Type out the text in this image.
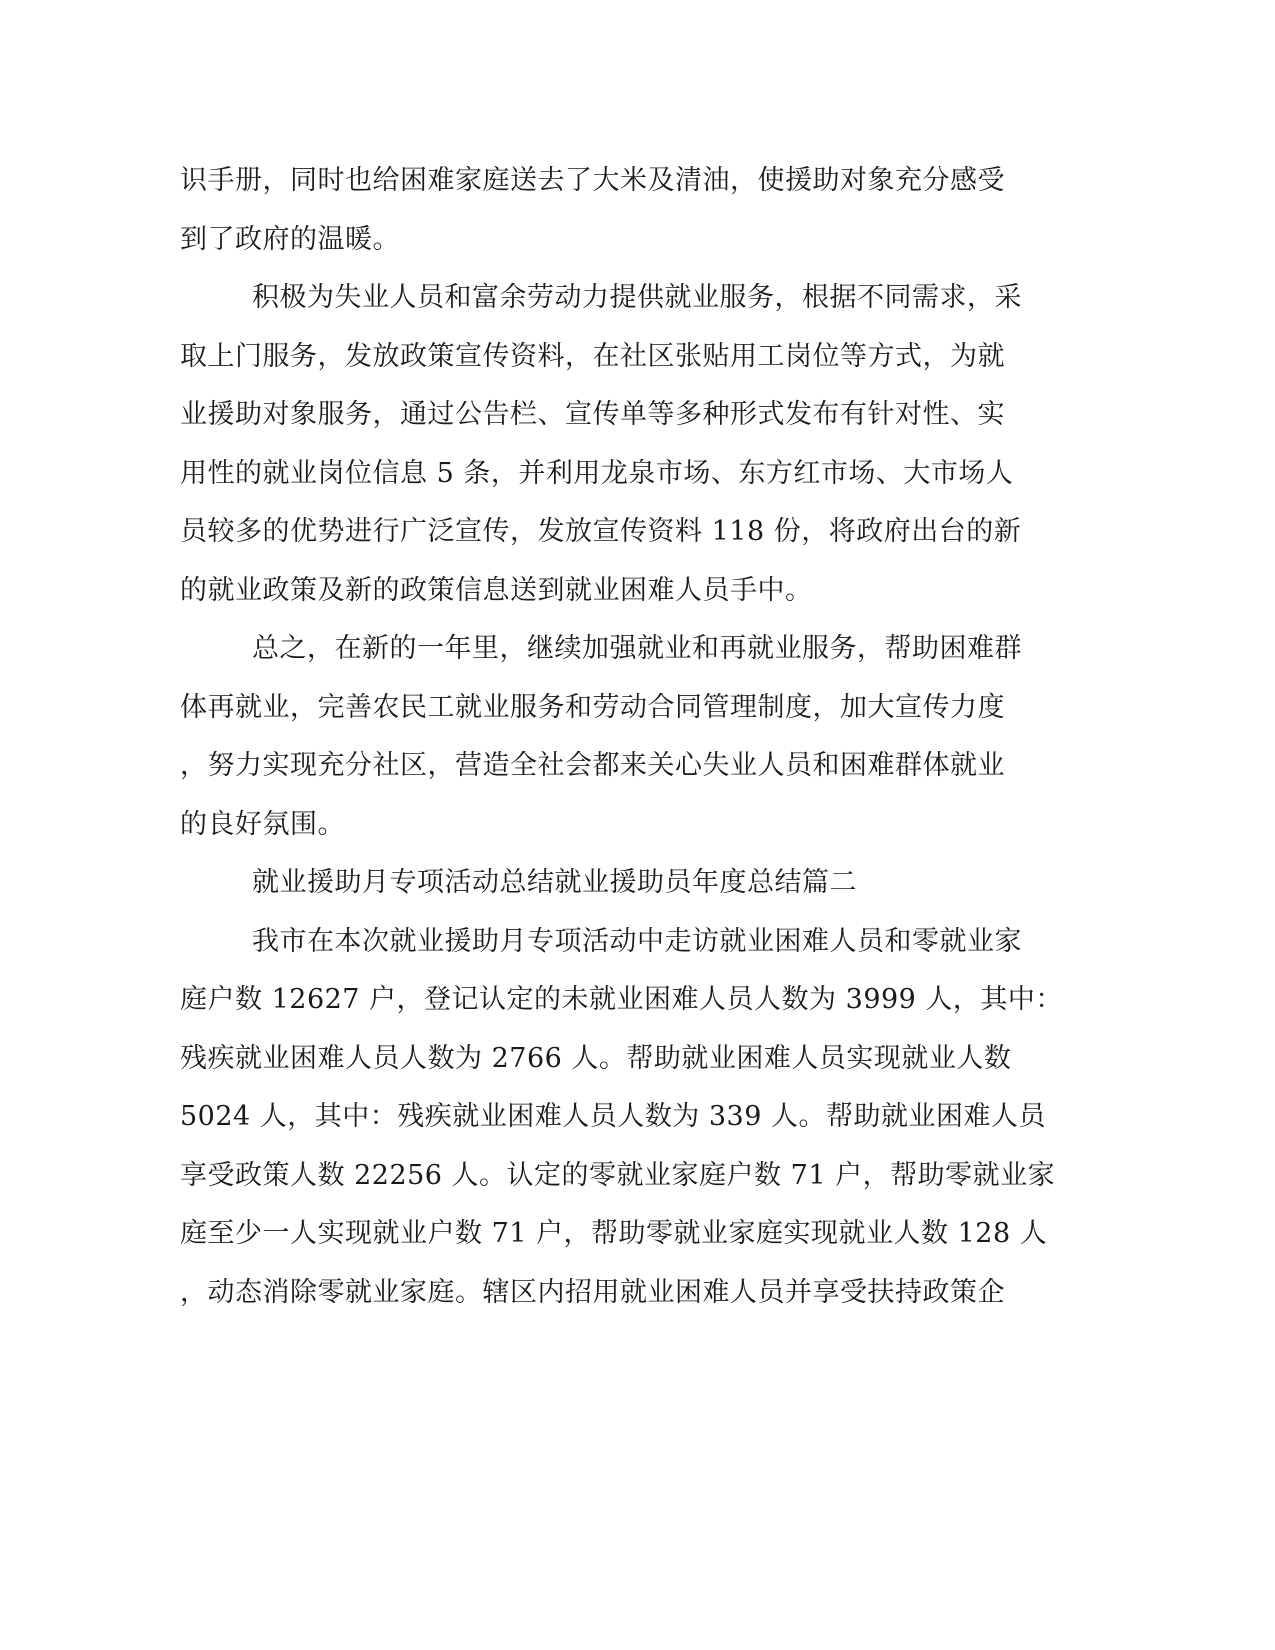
识手册，同时也给困难家庭送去了大米及清油，使援助对象充分感受
到了政府的温暖。
积极为失业人员和富余劳动力提供就业服务，根据不同需求，采
取上门服务，发放政策宣传资料，在社区张贴用工岗位等方式，为就
业援助对象服务，通过公告栏、宣传单等多种形式发布有针对性、实
用性的就业岗位信息 5 条，并利用龙泉市场、东方红市场、大市场人
员较多的优势进行广泛宣传，发放宣传资料 118 份，将政府出台的新
的就业政策及新的政策信息送到就业困难人员手中。
总之，在新的一年里，继续加强就业和再就业服务，帮助困难群
体再就业，完善农民工就业服务和劳动合同管理制度，加大宣传力度
，努力实现充分社区，营造全社会都来关心失业人员和困难群体就业
的良好氛围。
就业援助月专项活动总结就业援助员年度总结篇二
我市在本次就业援助月专项活动中走访就业困难人员和零就业家
庭户数 12627 户，登记认定的未就业困难人员人数为 3999 人，其中：
残疾就业困难人员人数为 2766 人。帮助就业困难人员实现就业人数
5024 人，其中：残疾就业困难人员人数为 339 人。帮助就业困难人员
享受政策人数 22256 人。认定的零就业家庭户数 71 户，帮助零就业家
庭至少一人实现就业户数 71 户，帮助零就业家庭实现就业人数 128 人
，动态消除零就业家庭。辖区内招用就业困难人员并享受扶持政策企
